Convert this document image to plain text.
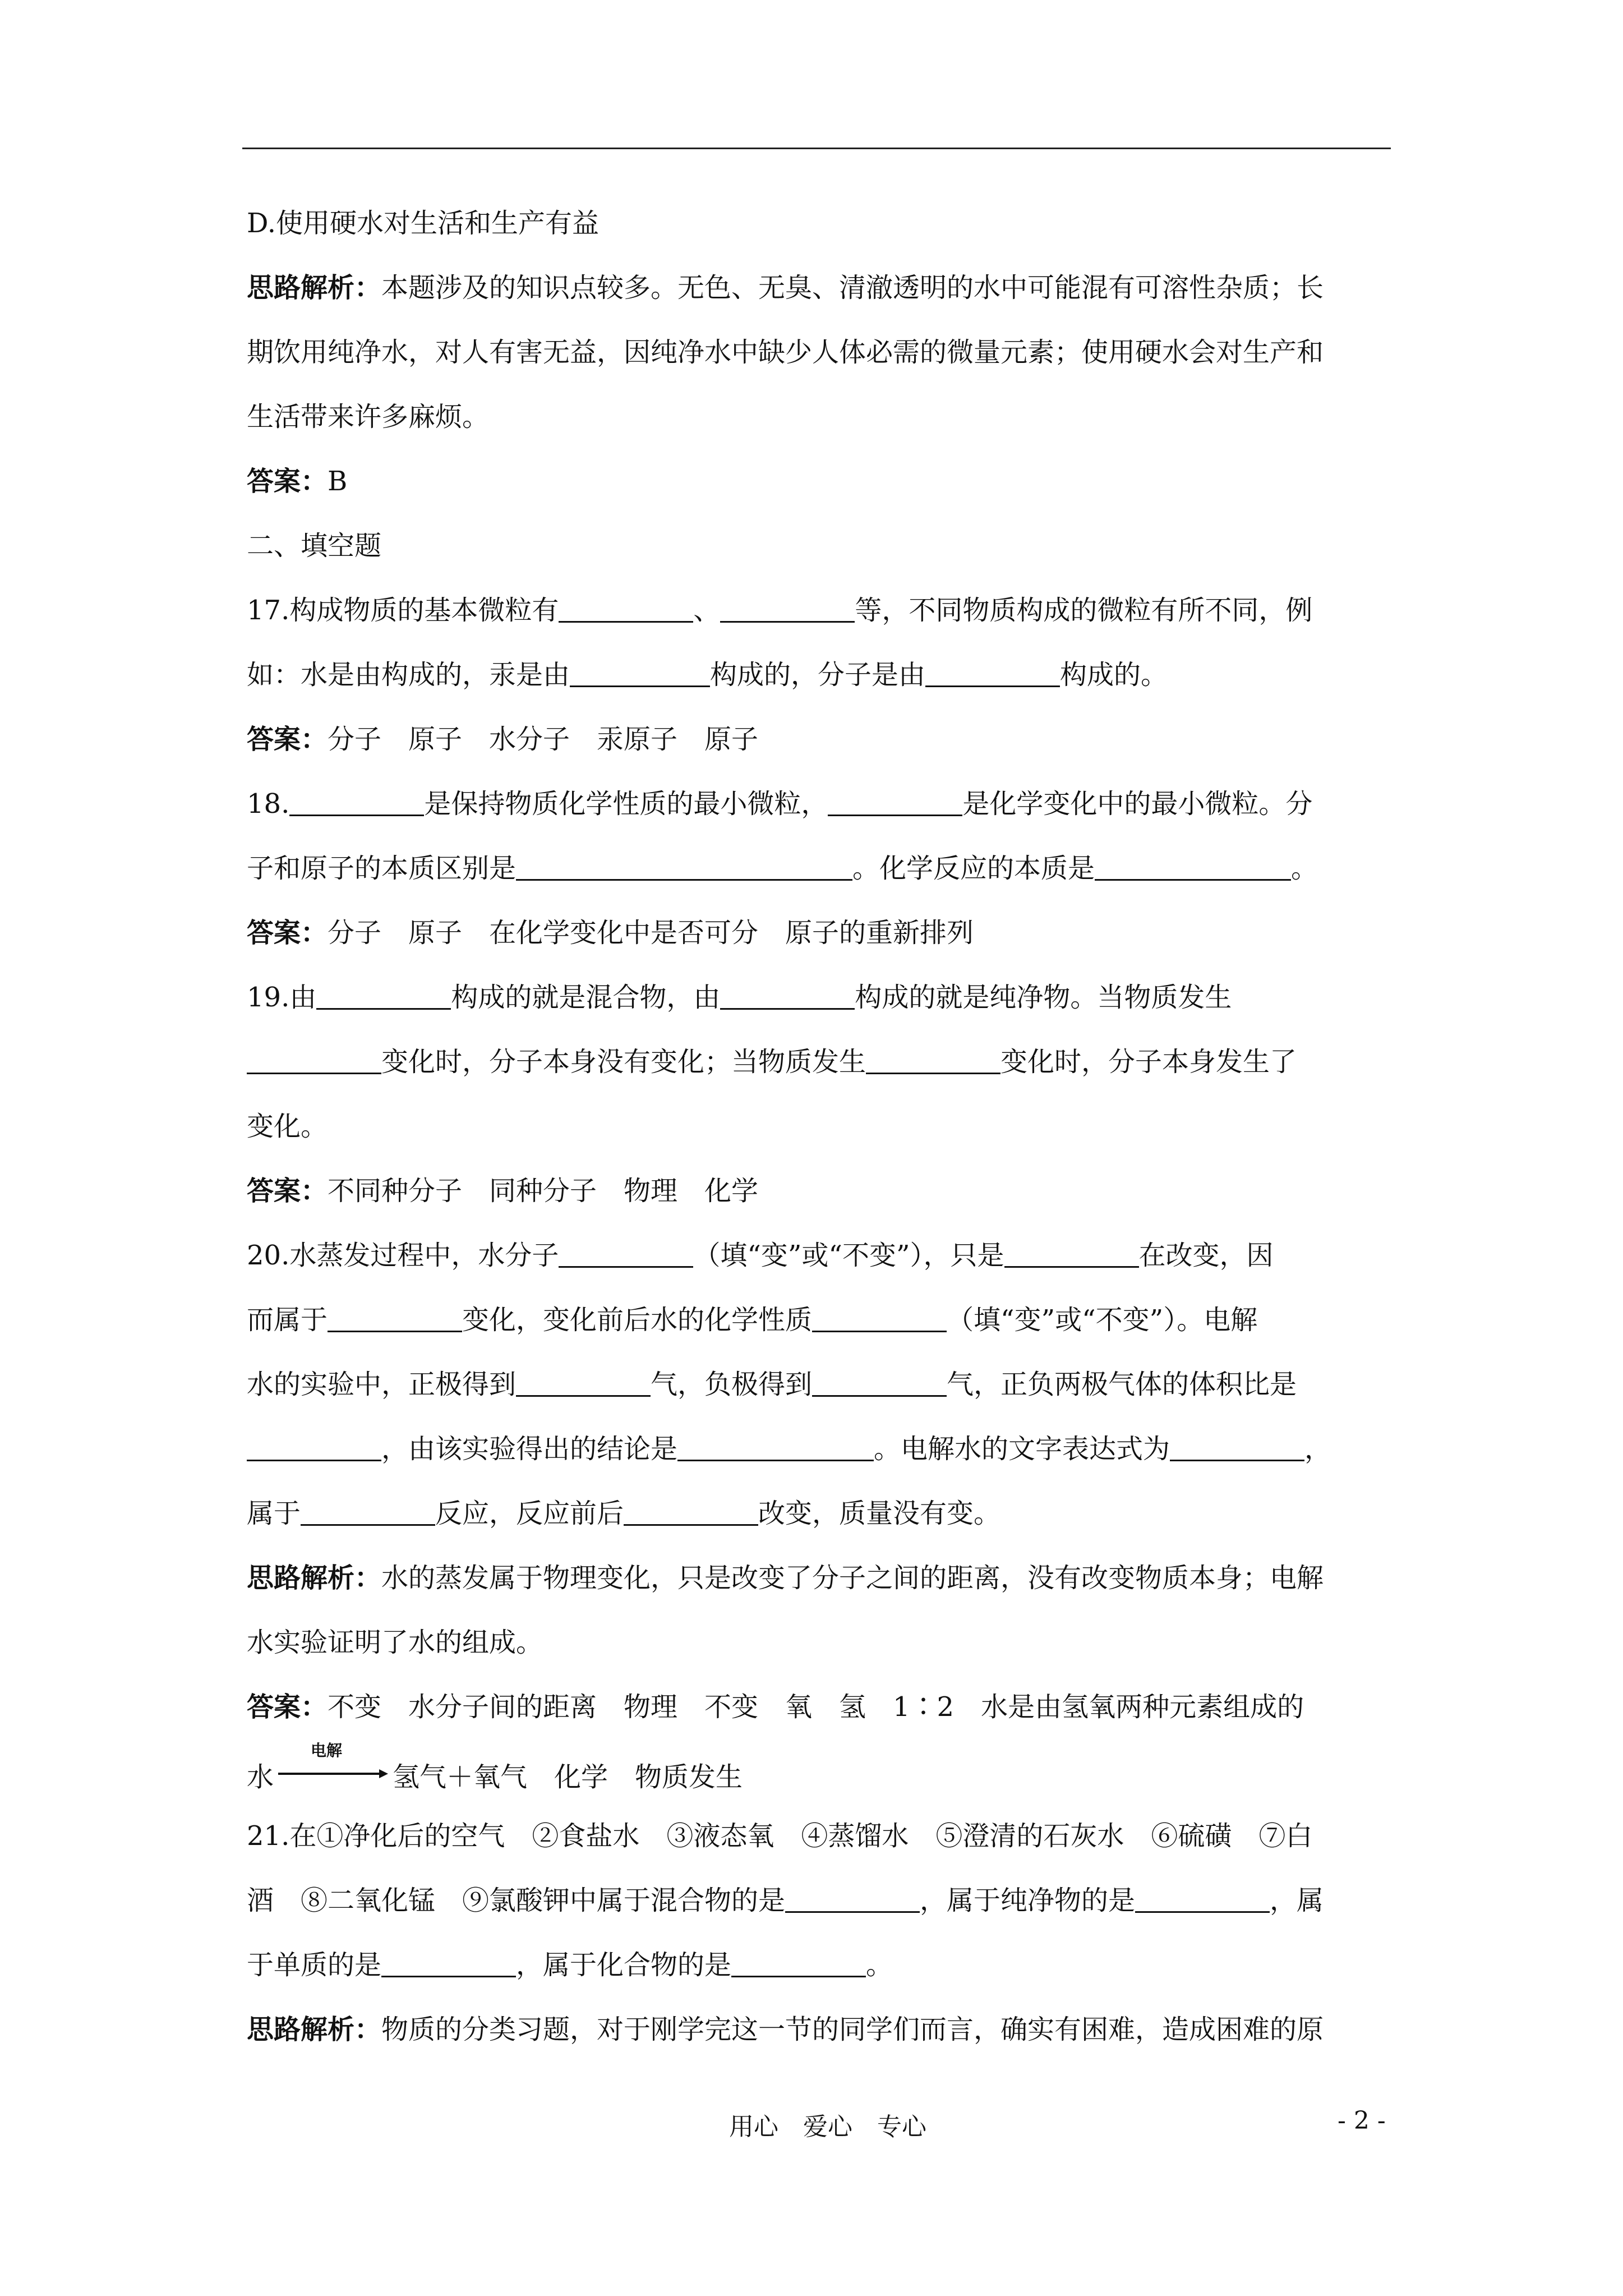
D.使用硬水对生活和生产有益
思路解析：本题涉及的知识点较多。无色、无臭、清澈透明的水中可能混有可溶性杂质；长
期饮用纯净水，对人有害无益，因纯净水中缺少人体必需的微量元素；使用硬水会对生产和
生活带来许多麻烦。
答案：B
二、填空题
17.构成物质的基本微粒有	、	等，不同物质构成的微粒有所不同，例
如：水是由构成的，汞是由	构成的，分子是由	构成的。
答案：分子　原子　水分子　汞原子　原子
18.	是保持物质化学性质的最小微粒，	是化学变化中的最小微粒。分
子和原子的本质区别是	。化学反应的本质是	。
答案：分子　原子　在化学变化中是否可分　原子的重新排列
19.由	构成的就是混合物，由	构成的就是纯净物。当物质发生
变化时，分子本身没有变化；当物质发生	变化时，分子本身发生了
变化。
答案：不同种分子　同种分子　物理　化学
20.水蒸发过程中，水分子	（填“变”或“不变”），只是	在改变，因
而属于	变化，变化前后水的化学性质	（填“变”或“不变”）。电解
水的实验中，正极得到	气，负极得到	气，正负两极气体的体积比是
，由该实验得出的结论是	。电解水的文字表达式为	，
属于	反应，反应前后	改变，质量没有变。
思路解析：水的蒸发属于物理变化，只是改变了分子之间的距离，没有改变物质本身；电解
水实验证明了水的组成。
答案：不变　水分子间的距离　物理　不变　氧　氢　1∶2　水是由氢氧两种元素组成的
水
电解
氢气＋氧气　化学　物质发生
21.在①净化后的空气　②食盐水　③液态氧　④蒸馏水　⑤澄清的石灰水　⑥硫磺　⑦白
酒　⑧二氧化锰　⑨氯酸钾中属于混合物的是	，属于纯净物的是	，属
于单质的是	，属于化合物的是	。
思路解析：物质的分类习题，对于刚学完这一节的同学们而言，确实有困难，造成困难的原
用心　爱心　专心	- 2 -
